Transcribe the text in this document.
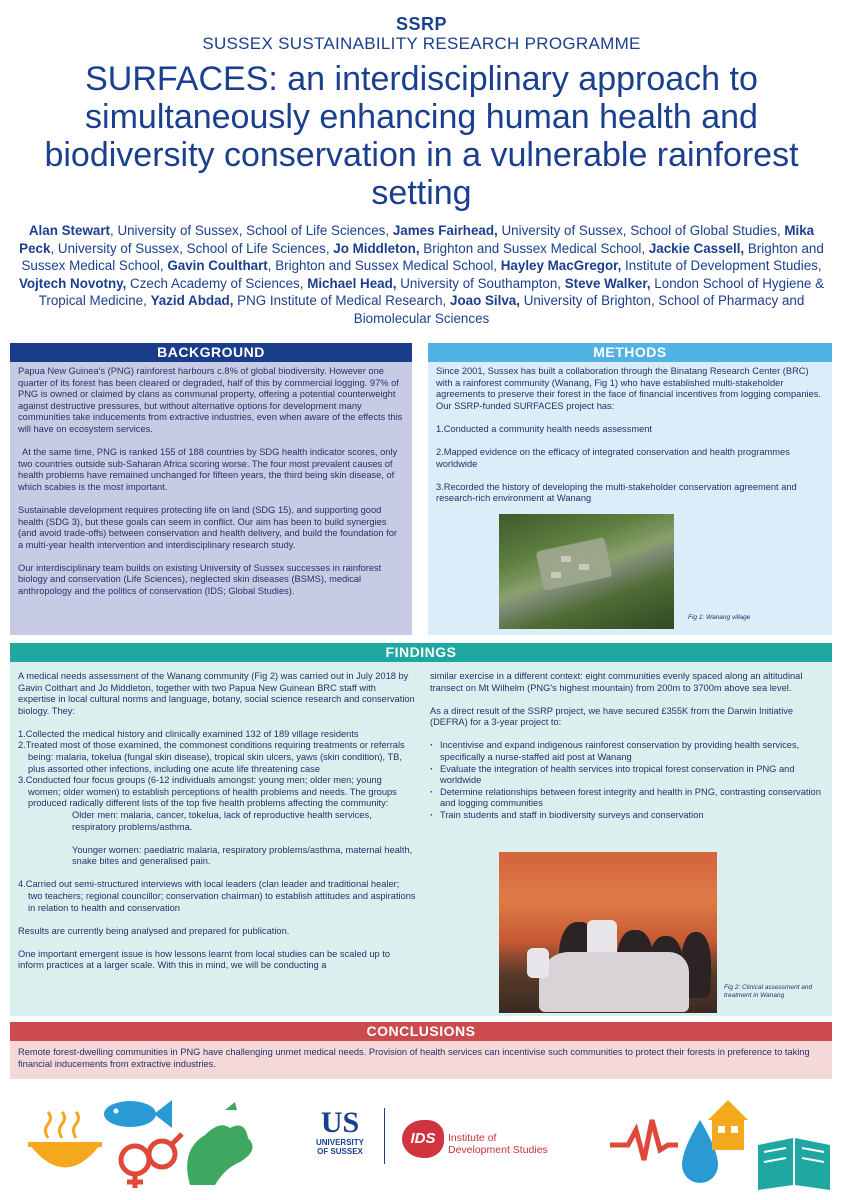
SSRP
SUSSEX SUSTAINABILITY RESEARCH PROGRAMME
SURFACES: an interdisciplinary approach to simultaneously enhancing human health and biodiversity conservation in a vulnerable rainforest setting
Alan Stewart, University of Sussex, School of Life Sciences, James Fairhead, University of Sussex, School of Global Studies, Mika Peck, University of Sussex, School of Life Sciences, Jo Middleton, Brighton and Sussex Medical School, Jackie Cassell, Brighton and Sussex Medical School, Gavin Coulthart, Brighton and Sussex Medical School, Hayley MacGregor, Institute of Development Studies, Vojtech Novotny, Czech Academy of Sciences, Michael Head, University of Southampton, Steve Walker, London School of Hygiene & Tropical Medicine, Yazid Abdad, PNG Institute of Medical Research, Joao Silva, University of Brighton, School of Pharmacy and Biomolecular Sciences
BACKGROUND

Papua New Guinea's (PNG) rainforest harbours c.8% of global biodiversity. However one quarter of its forest has been cleared or degraded, half of this by commercial logging. 97% of PNG is owned or claimed by clans as communal property, offering a potential counterweight against destructive pressures, but without alternative options for development many communities take inducements from extractive industries, even when aware of the effects this will have on ecosystem services.

At the same time, PNG is ranked 155 of 188 countries by SDG health indicator scores, only two countries outside sub-Saharan Africa scoring worse. The four most prevalent causes of health problems have remained unchanged for fifteen years, the third being skin disease, of which scabies is the most important.

Sustainable development requires protecting life on land (SDG 15), and supporting good health (SDG 3), but these goals can seem in conflict. Our aim has been to build synergies (and avoid trade-offs) between conservation and health delivery, and build the foundation for a multi-year health intervention and interdisciplinary research study.

Our interdisciplinary team builds on existing University of Sussex successes in rainforest biology and conservation (Life Sciences), neglected skin diseases (BSMS), medical anthropology and the politics of conservation (IDS; Global Studies).

METHODS

Since 2001, Sussex has built a collaboration through the Binatang Research Center (BRC) with a rainforest community (Wanang, Fig 1) who have established multi-stakeholder agreements to preserve their forest in the face of financial incentives from logging companies. Our SSRP-funded SURFACES project has:

1.Conducted a community health needs assessment
2.Mapped evidence on the efficacy of integrated conservation and health programmes worldwide
3.Recorded the history of developing the multi-stakeholder conservation agreement and research-rich environment at Wanang
Fig 1: Wanang village
FINDINGS

A medical needs assessment of the Wanang community (Fig 2) was carried out in July 2018 by Gavin Colthart and Jo Middleton, together with two Papua New Guinean BRC staff with expertise in local cultural norms and language, botany, social science research and conservation biology. They:

1.Collected the medical history and clinically examined 132 of 189 village residents
2.Treated most of those examined, the commonest conditions requiring treatments or referrals being: malaria, tokelua (fungal skin disease), tropical skin ulcers, yaws (skin condition), TB, plus assorted other infections, including one acute life threatening case
3.Conducted four focus groups (6-12 individuals amongst: young men; older men; young women; older women) to establish perceptions of health problems and needs. The groups produced radically different lists of the top five health problems affecting the community:

Older men: malaria, cancer, tokelua, lack of reproductive health services, respiratory problems/asthma.

Younger women: paediatric malaria, respiratory problems/asthma, maternal health, snake bites and generalised pain.

4.Carried out semi-structured interviews with local leaders (clan leader and traditional healer; two teachers; regional councillor; conservation chairman) to establish attitudes and aspirations in relation to health and conservation

Results are currently being analysed and prepared for publication.

One important emergent issue is how lessons learnt from local studies can be scaled up to inform practices at a larger scale. With this in mind, we will be conducting a

similar exercise in a different context: eight communities evenly spaced along an altitudinal transect on Mt Wilhelm (PNG's highest mountain) from 200m to 3700m above sea level.

As a direct result of the SSRP project, we have secured £355K from the Darwin Initiative (DEFRA) for a 3-year project to:

· Incentivise and expand indigenous rainforest conservation by providing health services, specifically a nurse-staffed aid post at Wanang
· Evaluate the integration of health services into tropical forest conservation in PNG and worldwide
· Determine relationships between forest integrity and health in PNG, contrasting conservation and logging communities
· Train students and staff in biodiversity surveys and conservation
Fig 2: Clinical assessment and treatment in Wanang
CONCLUSIONS
Remote forest-dwelling communities in PNG have challenging unmet medical needs. Provision of health services can incentivise such communities to protect their forests in preference to taking financial inducements from extractive industries.
US
UNIVERSITY
OF SUSSEX
IDS	Institute of
Development Studies
